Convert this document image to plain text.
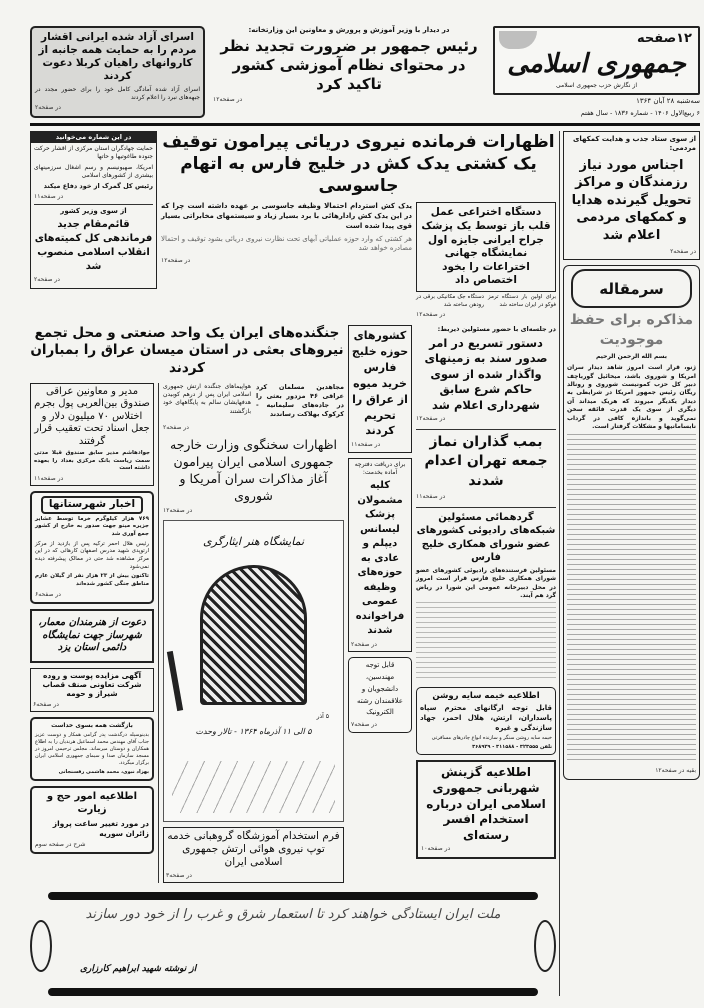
۱۲صفحه
جمهوری اسلامی
از نگارش حزب جمهوری اسلامی
سه‌شنبه ۲۸ آبان ۱۳۶۴
۶ ربیع‌الاول ۱۴۰۶ - شماره ۱۸۳۶ - سال هفتم
در دیدار با وزیر آموزش و پرورش و معاونین این وزارتخانه:
رئیس جمهور بر ضرورت تجدید نظر در محتوای نظام آموزشی کشور تاکید کرد
در صفحه۱۲
اسرای آزاد شده ایرانی اقشار مردم را به حمایت همه جانبه از کاروانهای راهیان کربلا دعوت کردند
اسرای آزاد شده آمادگی کامل خود را برای حضور مجدد در جبهه‌های نبرد را اعلام کردند
در صفحه۲
از سوی ستاد جذب و هدایت کمکهای مردمی:
اجناس مورد نیاز رزمندگان و مراکز تحویل گیرنده هدایا و کمکهای مردمی اعلام شد
در صفحه۲
سرمقاله
مذاکره برای حفظ موجودیت
بسم الله الرحمن الرحیم
ژنو، قرار است امروز شاهد دیدار سران امریکا و شوروی باشد، میخائیل گورباچف دبیر کل حزب کمونیست شوروی و رونالد ریگان رئیس جمهور امریکا در شرایطی به دیدار یکدیگر میروند که هریک میداند آن دیگری از سوی یک قدرت فائقه سخن نمی‌گوید و باندازه کافی در گرداب نابسامانیها و مشکلات گرفتار است.
بقیه در صفحه۱۲
اظهارات فرمانده نیروی دریائی پیرامون توقیف یک کشتی یدک کش در خلیج فارس به اتهام جاسوسی
دستگاه اختراعی عمل قلب باز توسط یک پزشک جراح ایرانی جایزه اول نمایشگاه جهانی اختراعات را بخود اختصاص داد
برای اولین بار دستگاه ترمز فوکو در ایران ساخته شد
دستگاه جک مکانیکی برقی در رودهن ساخته شد
در صفحه۱۲
یدک کش استردام احتمالا وظیفه جاسوسی بر عهده داشته است چرا که در این یدک کش رادارهائی با برد بسیار زیاد و سیستمهای مخابراتی بسیار قوی پیدا شده است
هر کشتی که وارد حوزه عملیاتی آبهای تحت نظارت نیروی دریائی بشود توقیف و احتمالا مصادره خواهد شد
در صفحه۱۲
در این شماره می‌خوانید
حمایت جهادگران استان مرکزی از اقشار حرکت جنوده طاغوتیها و حاتها
امریکا، صهیونیسم و رسم اشغال سرزمینهای بیشتری از کشورهای اسلامی
رئیس کل گمرک از خود دفاع میکند
در صفحه۱۱
از سوی وزیر کشور
قائم‌مقام جدید فرماندهی کل کمیته‌های انقلاب اسلامی منصوب شد
در صفحه۲
در جلسه‌ای با حضور مسئولین ذیربط:
دستور تسریع در امر صدور سند به زمینهای واگذار شده از سوی حاکم شرع سابق شهرداری اعلام شد
در صفحه۱۲
بمب گذاران نماز جمعه تهران اعدام شدند
در صفحه۱۱
گردهمائی مسئولین شبکه‌های رادیوئی کشورهای عضو شورای همکاری خلیج فارس
مسئولین فرستنده‌های رادیوئی کشورهای عضو شورای همکاری خلیج فارس قرار است امروز در محل دبیرخانه عمومی این شورا در ریاض گرد هم آیند.
اطلاعیه خیمه سایه روشن
قابل توجه ارگانهای محترم سپاه پاسداران، ارتش، هلال احمر، جهاد سازندگی و غیره
خیمه سایه روشن سنگر و سازنده انواع چادرهای مسافرتی
تلفن ۳۲۳۵۵۵ - ۳۱۱۵۸۸ - ۳۶۸۹۲۹
اطلاعیه گزینش شهربانی جمهوری اسلامی ایران درباره استخدام افسر رسته‌ای
در صفحه۱۰
کشورهای حوزه خلیج فارس خرید میوه از عراق را تحریم کردند
در صفحه۱۱
برای دریافت دفترچه آماده بخدمت:
کلیه مشمولان پزشک لیسانس دیپلم و عادی به حوزه‌های وظیفه عمومی فراخوانده شدند
در صفحه۲
قابل توجه مهندسین، دانشجویان و علاقمندان رشته الکترونیک
در صفحه۷
جنگنده‌های ایران یک واحد صنعتی و محل تجمع نیروهای بعثی در استان میسان عراق را بمباران کردند
مجاهدین مسلمان کرد عراقی ۴۶ مزدور بعثی را در جاده‌های سلیمانیه - کرکوک بهلاکت رساندند
هواپیماهای جنگنده ارتش جمهوری اسلامی ایران پس از درهم کوبیدن هدفهایشان سالم به پایگاههای خود بازگشتند
در صفحه۲
اظهارات سخنگوی وزارت خارجه جمهوری اسلامی ایران پیرامون آغاز مذاکرات سران آمریکا و شوروی
در صفحه۱۲
نمایشگاه هنر ایثارگری
۵ آذر
۵ الی ۱۱ آذرماه ۱۳۶۴ - تالار وحدت
فرم استخدام آموزشگاه گروهبانی خدمه توپ نیروی هوائی ارتش جمهوری اسلامی ایران
در صفحه۳
مدیر و معاونین عراقی صندوق بین‌العربی پول بجرم اختلاس ۷۰ میلیون دلار و جعل اسناد تحت تعقیب قرار گرفتند
جوادهاشم مدیر سابق صندوق قبلا مدتی سمت ریاست بانک مرکزی بغداد را بعهده داشته است
در صفحه۱۱
اخبار شهرستانها
۷۶۹ هزار کیلوگرم خرما توسط عشایر جزیره مینو جهت صدور به خارج از کشور جمع آوری شد
رئیس هلال احمر ترکیه پس از بازدید از مرکز ارتوپدی شهید مدرس اصفهان کارهائی که در این مرکز مشاهده شد حتی در ممالک پیشرفته دیده نمی‌شود
تاکنون بیش از ۲۳ هزار نفر از گیلان عازم مناطق جنگی کشور شده‌اند
در صفحه۶
دعوت از هنرمندان معمار، شهرساز جهت نمایشگاه دائمی استان یزد
آگهی مزایده پوست و روده شرکت تعاونی صنف قصاب شیراز و حومه
در صفحه۶
بازگشت همه بسوی خداست
بدینوسیله درگذشت پدر گرامی همکار و دوست عزیز جناب آقای مهندس محمد اسماعیل هرندیان را به اطلاع همکاران و دوستان میرساند. مجلس ترحیمی امروز در مسجد سازمان صدا و سیمای جمهوری اسلامی ایران برگزار میگردد.
بهزاد نبوی، محمد هاشمی رفسنجانی
اطلاعیه امور حج و زیارت
در مورد تغییر ساعت پرواز زائران سوریه
شرح در صفحه سوم
ملت ایران ایستادگی خواهند کرد تا استعمار شرق و غرب را از خود دور سازند
از نوشته شهید ابراهیم کارزاری
